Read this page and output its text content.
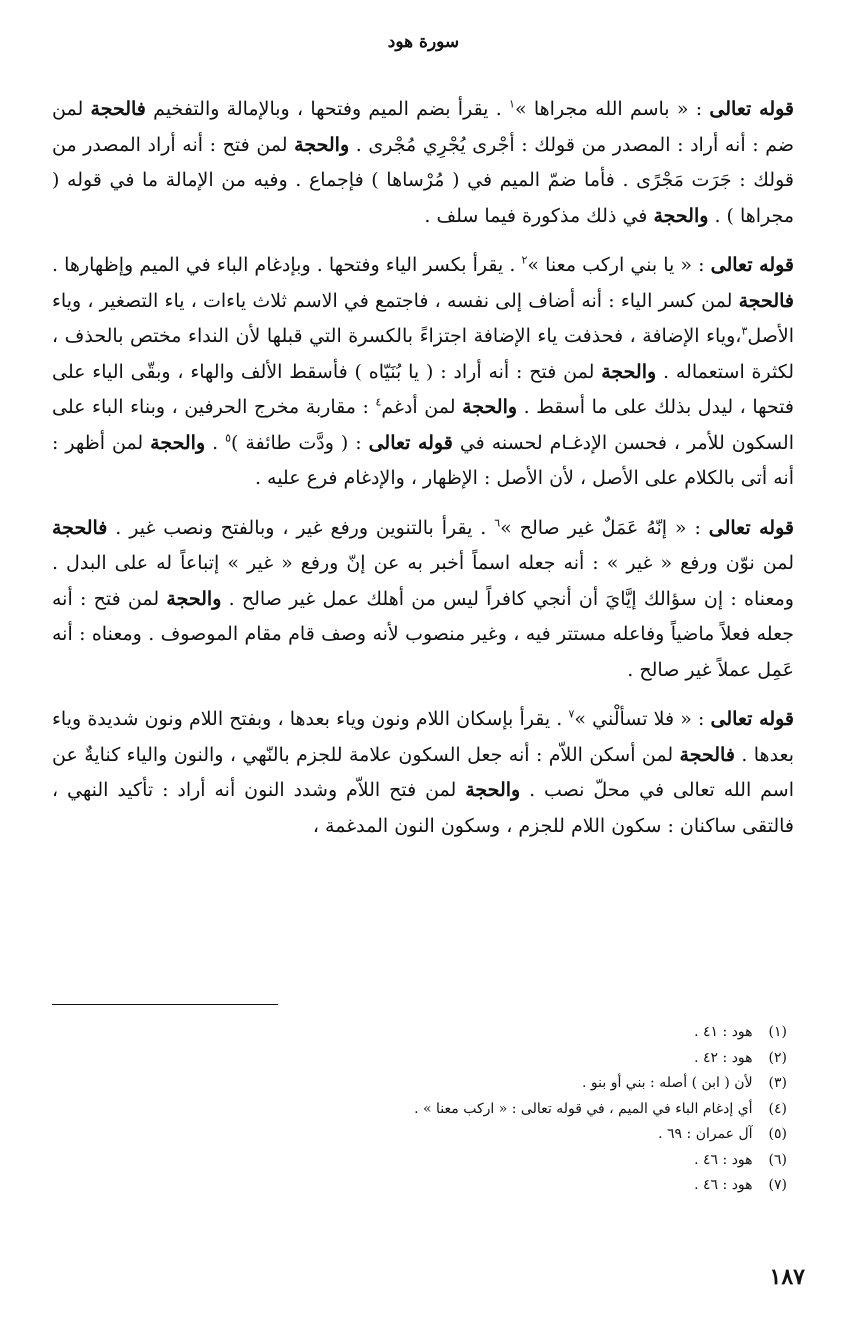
سورة هود

قوله تعالى : « باسم الله مجراها »$^١$ . يقرأ بضم الميم وفتحها ، وبالإمالة والتفخيم فالحجة لمن ضم : أنه أراد : المصدر من قولك : أجْرى يُجْرِي مُجْرى . والحجة لمن فتح : أنه أراد المصدر من قولك : جَرَت مَجْرًى . فأما ضمّ الميم في ( مُرْساها ) فإجماع . وفيه من الإمالة ما في قوله ( مجراها ) . والحجة في ذلك مذكورة فيما سلف .

قوله تعالى : « يا بني اركب معنا »$^٢$ . يقرأ بكسر الياء وفتحها . وبإدغام الباء في الميم وإظهارها . فالحجة لمن كسر الياء : أنه أضاف إلى نفسه ، فاجتمع في الاسم ثلاث ياءات ، ياء التصغير ، وياء الأصل$^٣$،وياء الإضافة ، فحذفت ياء الإضافة اجتزاءً بالكسرة التي قبلها لأن النداء مختص بالحذف ، لكثرة استعماله . والحجة لمن فتح : أنه أراد : ( يا بُنَيّاه ) فأسقط الألف والهاء ، وبقّى الياء على فتحها ، ليدل بذلك على ما أسقط . والحجة لمن أدغم$^٤$ : مقاربة مخرج الحرفين ، وبناء الباء على السكون للأمر ، فحسن الإدغـام لحسنه في قوله تعالى : ( ودَّت طائفة )$^٥$ . والحجة لمن أظهر : أنه أتى بالكلام على الأصل ، لأن الأصل : الإظهار ، والإدغام فرع عليه .

قوله تعالى : « إنّهُ عَمَلٌ غير صالح »$^٦$ . يقرأ بالتنوين ورفع غير ، وبالفتح ونصب غير . فالحجة لمن نوّن ورفع « غير » : أنه جعله اسماً أخبر به عن إنّ ورفع « غير » إتباعاً له على البدل . ومعناه : إن سؤالك إيَّايَ أن أنجي كافراً ليس من أهلك عمل غير صالح . والحجة لمن فتح : أنه جعله فعلاً ماضياً وفاعله مستتر فيه ، وغير منصوب لأنه وصف قام مقام الموصوف . ومعناه : أنه عَمِل عملاً غير صالح .

قوله تعالى : « فلا تسألْني »$^٧$ . يقرأ بإسكان اللام ونون وياء بعدها ، وبفتح اللام ونون شديدة وياء بعدها . فالحجة لمن أسكن اللاّم : أنه جعل السكون علامة للجزم بالنّهي ، والنون والياء كنايةٌ عن اسم الله تعالى في محلّ نصب . والحجة لمن فتح اللاّم وشدد النون أنه أراد : تأكيد النهي ، فالتقى ساكنان : سكون اللام للجزم ، وسكون النون المدغمة ،

(١) هود : ٤١ .
(٢) هود : ٤٢ .
(٣) لأن ( ابن ) أصله : بني أو بنو .
(٤) أي إدغام الباء في الميم ، في قوله تعالى : « اركب معنا » .
(٥) آل عمران : ٦٩ .
(٦) هود : ٤٦ .
(٧) هود : ٤٦ .
١٨٧
